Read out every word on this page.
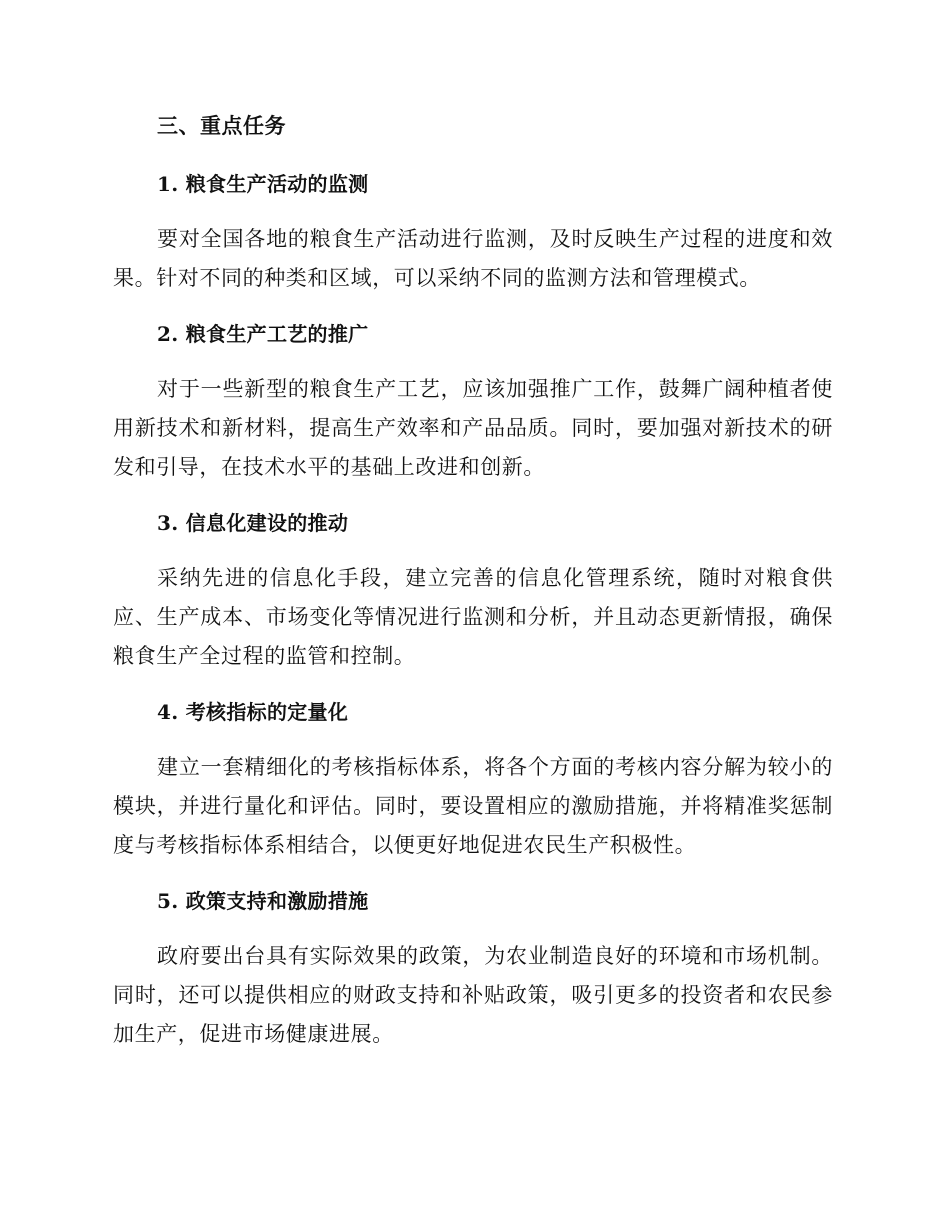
三、重点任务
1. 粮食生产活动的监测

要对全国各地的粮食生产活动进行监测，及时反映生产过程的进度和效果。针对不同的种类和区域，可以采纳不同的监测方法和管理模式。

2. 粮食生产工艺的推广

对于一些新型的粮食生产工艺，应该加强推广工作，鼓舞广阔种植者使用新技术和新材料，提高生产效率和产品品质。同时，要加强对新技术的研发和引导，在技术水平的基础上改进和创新。

3. 信息化建设的推动

采纳先进的信息化手段，建立完善的信息化管理系统，随时对粮食供应、生产成本、市场变化等情况进行监测和分析，并且动态更新情报，确保粮食生产全过程的监管和控制。

4. 考核指标的定量化

建立一套精细化的考核指标体系，将各个方面的考核内容分解为较小的模块，并进行量化和评估。同时，要设置相应的激励措施，并将精准奖惩制度与考核指标体系相结合，以便更好地促进农民生产积极性。

5. 政策支持和激励措施

政府要出台具有实际效果的政策，为农业制造良好的环境和市场机制。同时，还可以提供相应的财政支持和补贴政策，吸引更多的投资者和农民参加生产，促进市场健康进展。
